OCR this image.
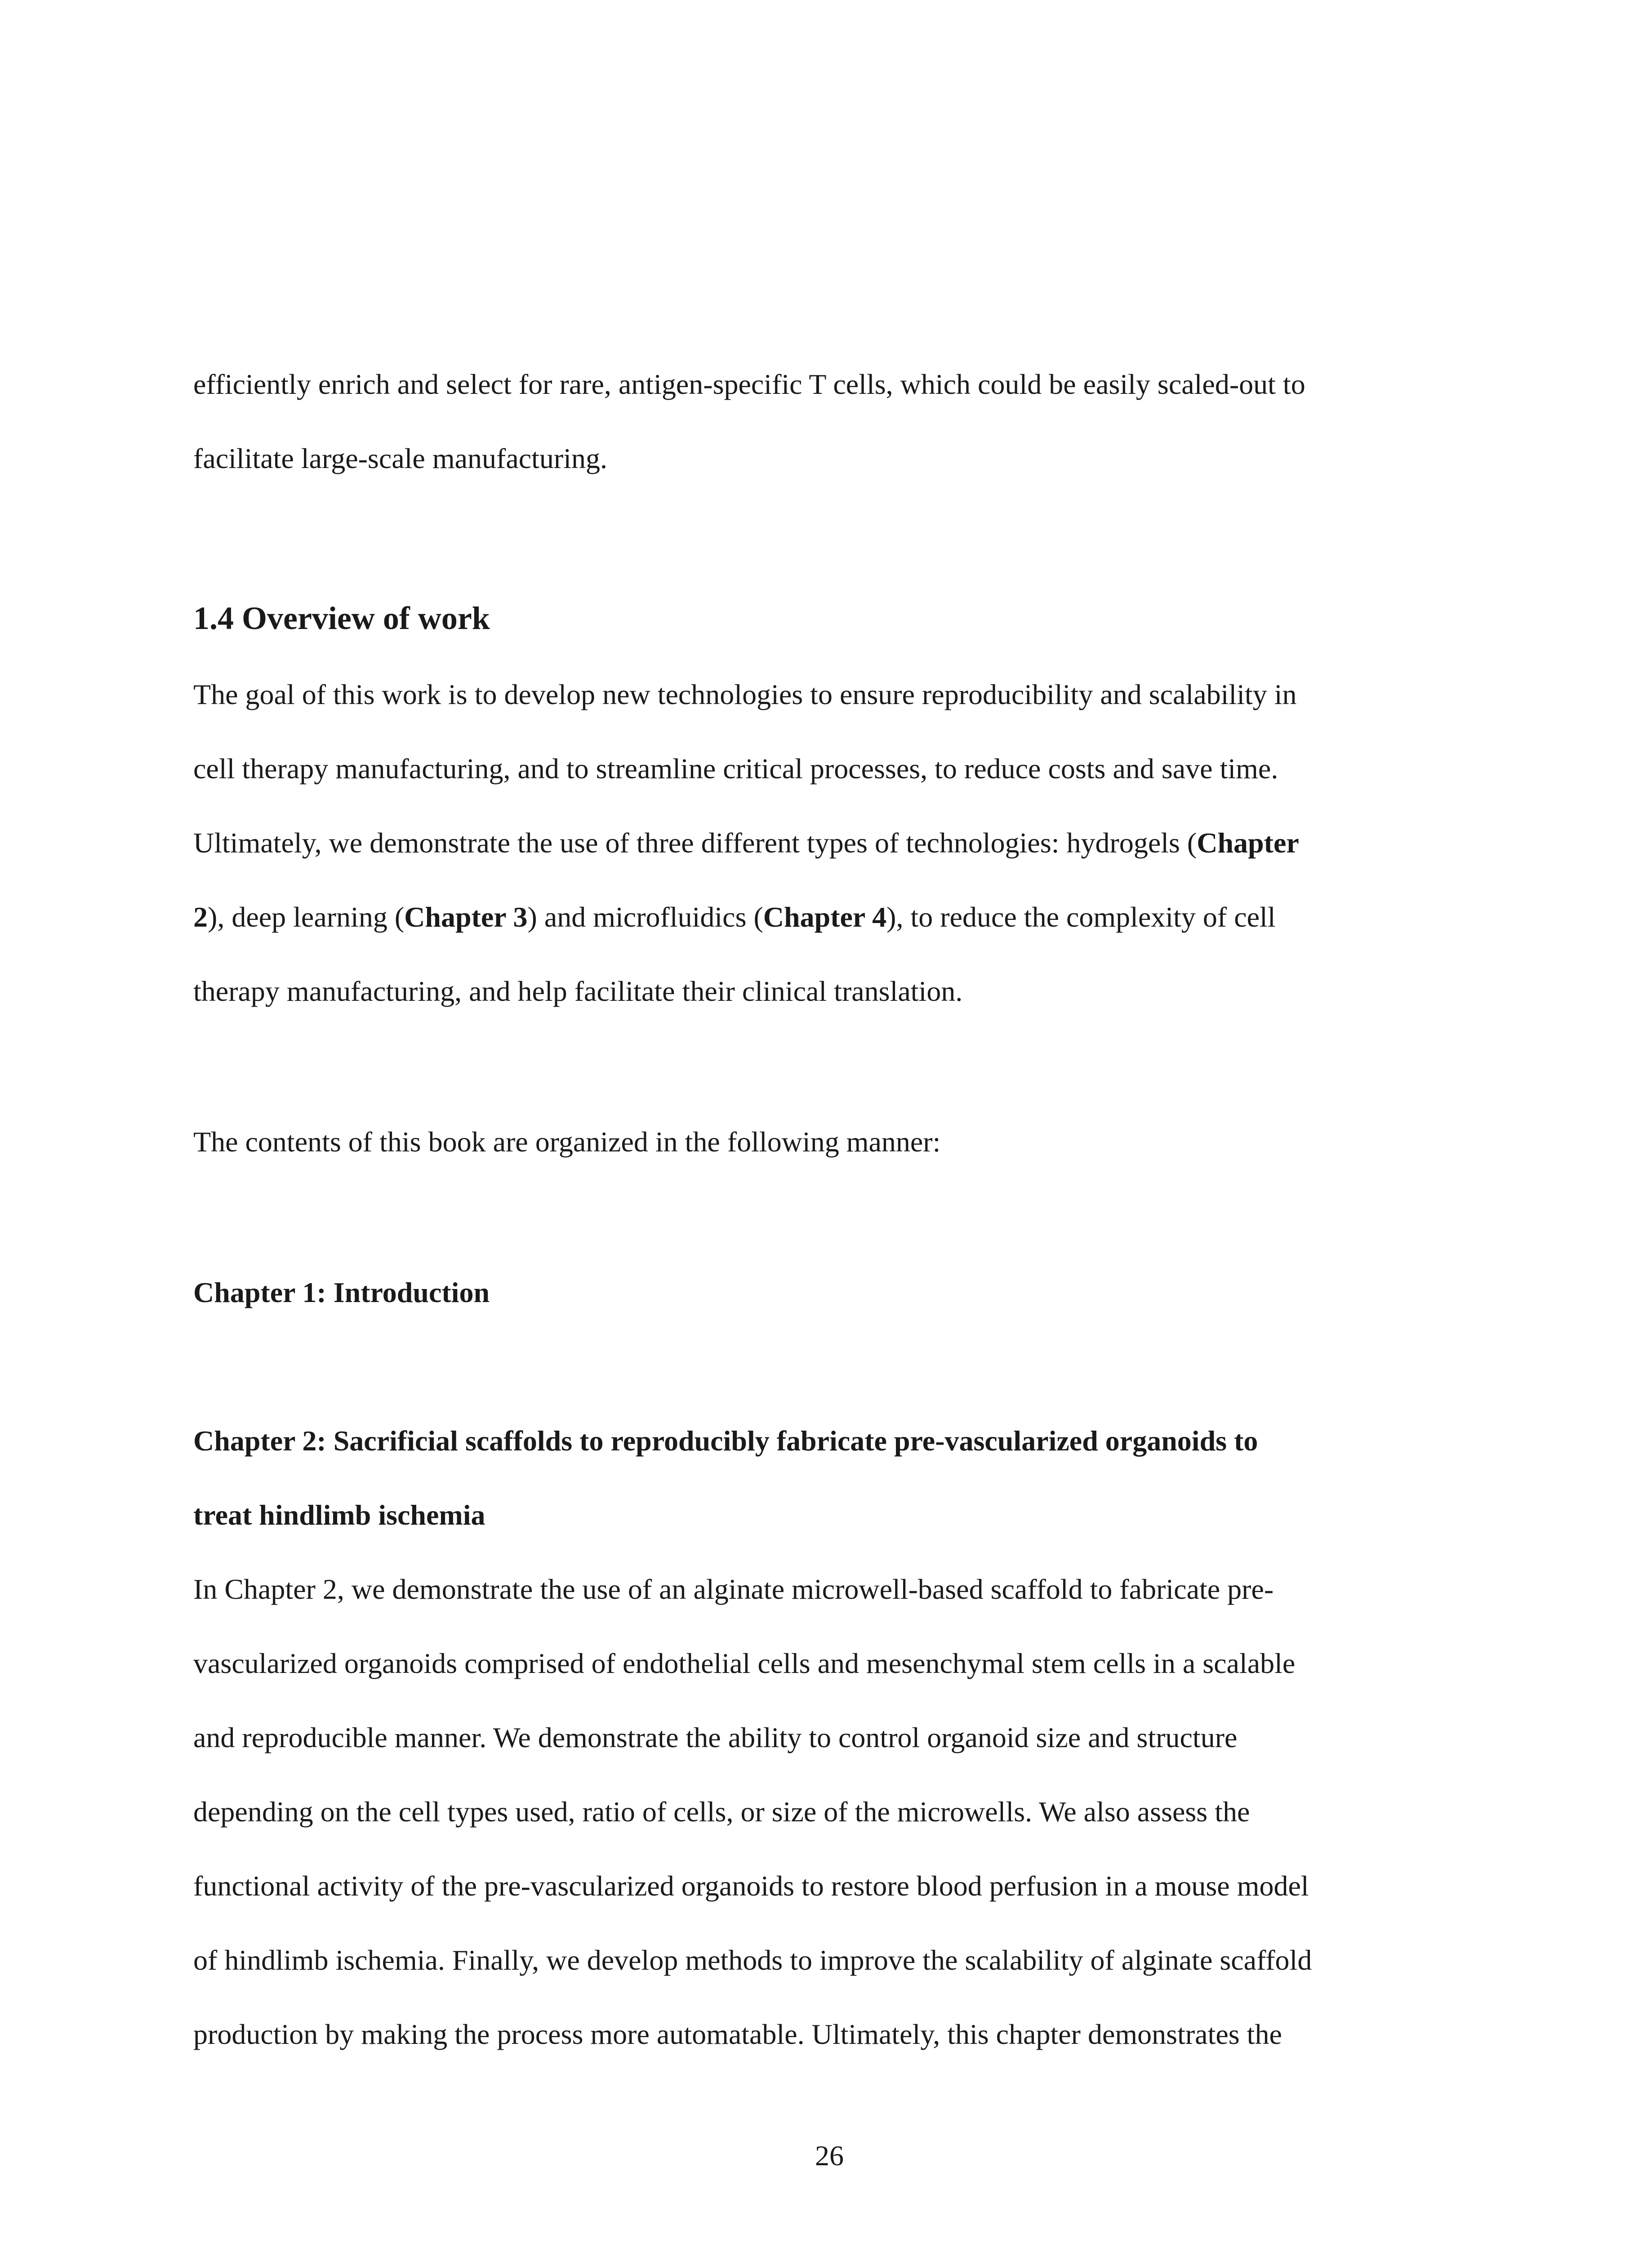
efficiently enrich and select for rare, antigen-specific T cells, which could be easily scaled-out to
facilitate large-scale manufacturing.
1.4 Overview of work
The goal of this work is to develop new technologies to ensure reproducibility and scalability in
cell therapy manufacturing, and to streamline critical processes, to reduce costs and save time.
Ultimately, we demonstrate the use of three different types of technologies: hydrogels (Chapter
2), deep learning (Chapter 3) and microfluidics (Chapter 4), to reduce the complexity of cell
therapy manufacturing, and help facilitate their clinical translation.
The contents of this book are organized in the following manner:
Chapter 1: Introduction
Chapter 2: Sacrificial scaffolds to reproducibly fabricate pre-vascularized organoids to
treat hindlimb ischemia
In Chapter 2, we demonstrate the use of an alginate microwell-based scaffold to fabricate pre-
vascularized organoids comprised of endothelial cells and mesenchymal stem cells in a scalable
and reproducible manner. We demonstrate the ability to control organoid size and structure
depending on the cell types used, ratio of cells, or size of the microwells. We also assess the
functional activity of the pre-vascularized organoids to restore blood perfusion in a mouse model
of hindlimb ischemia. Finally, we develop methods to improve the scalability of alginate scaffold
production by making the process more automatable. Ultimately, this chapter demonstrates the
26
